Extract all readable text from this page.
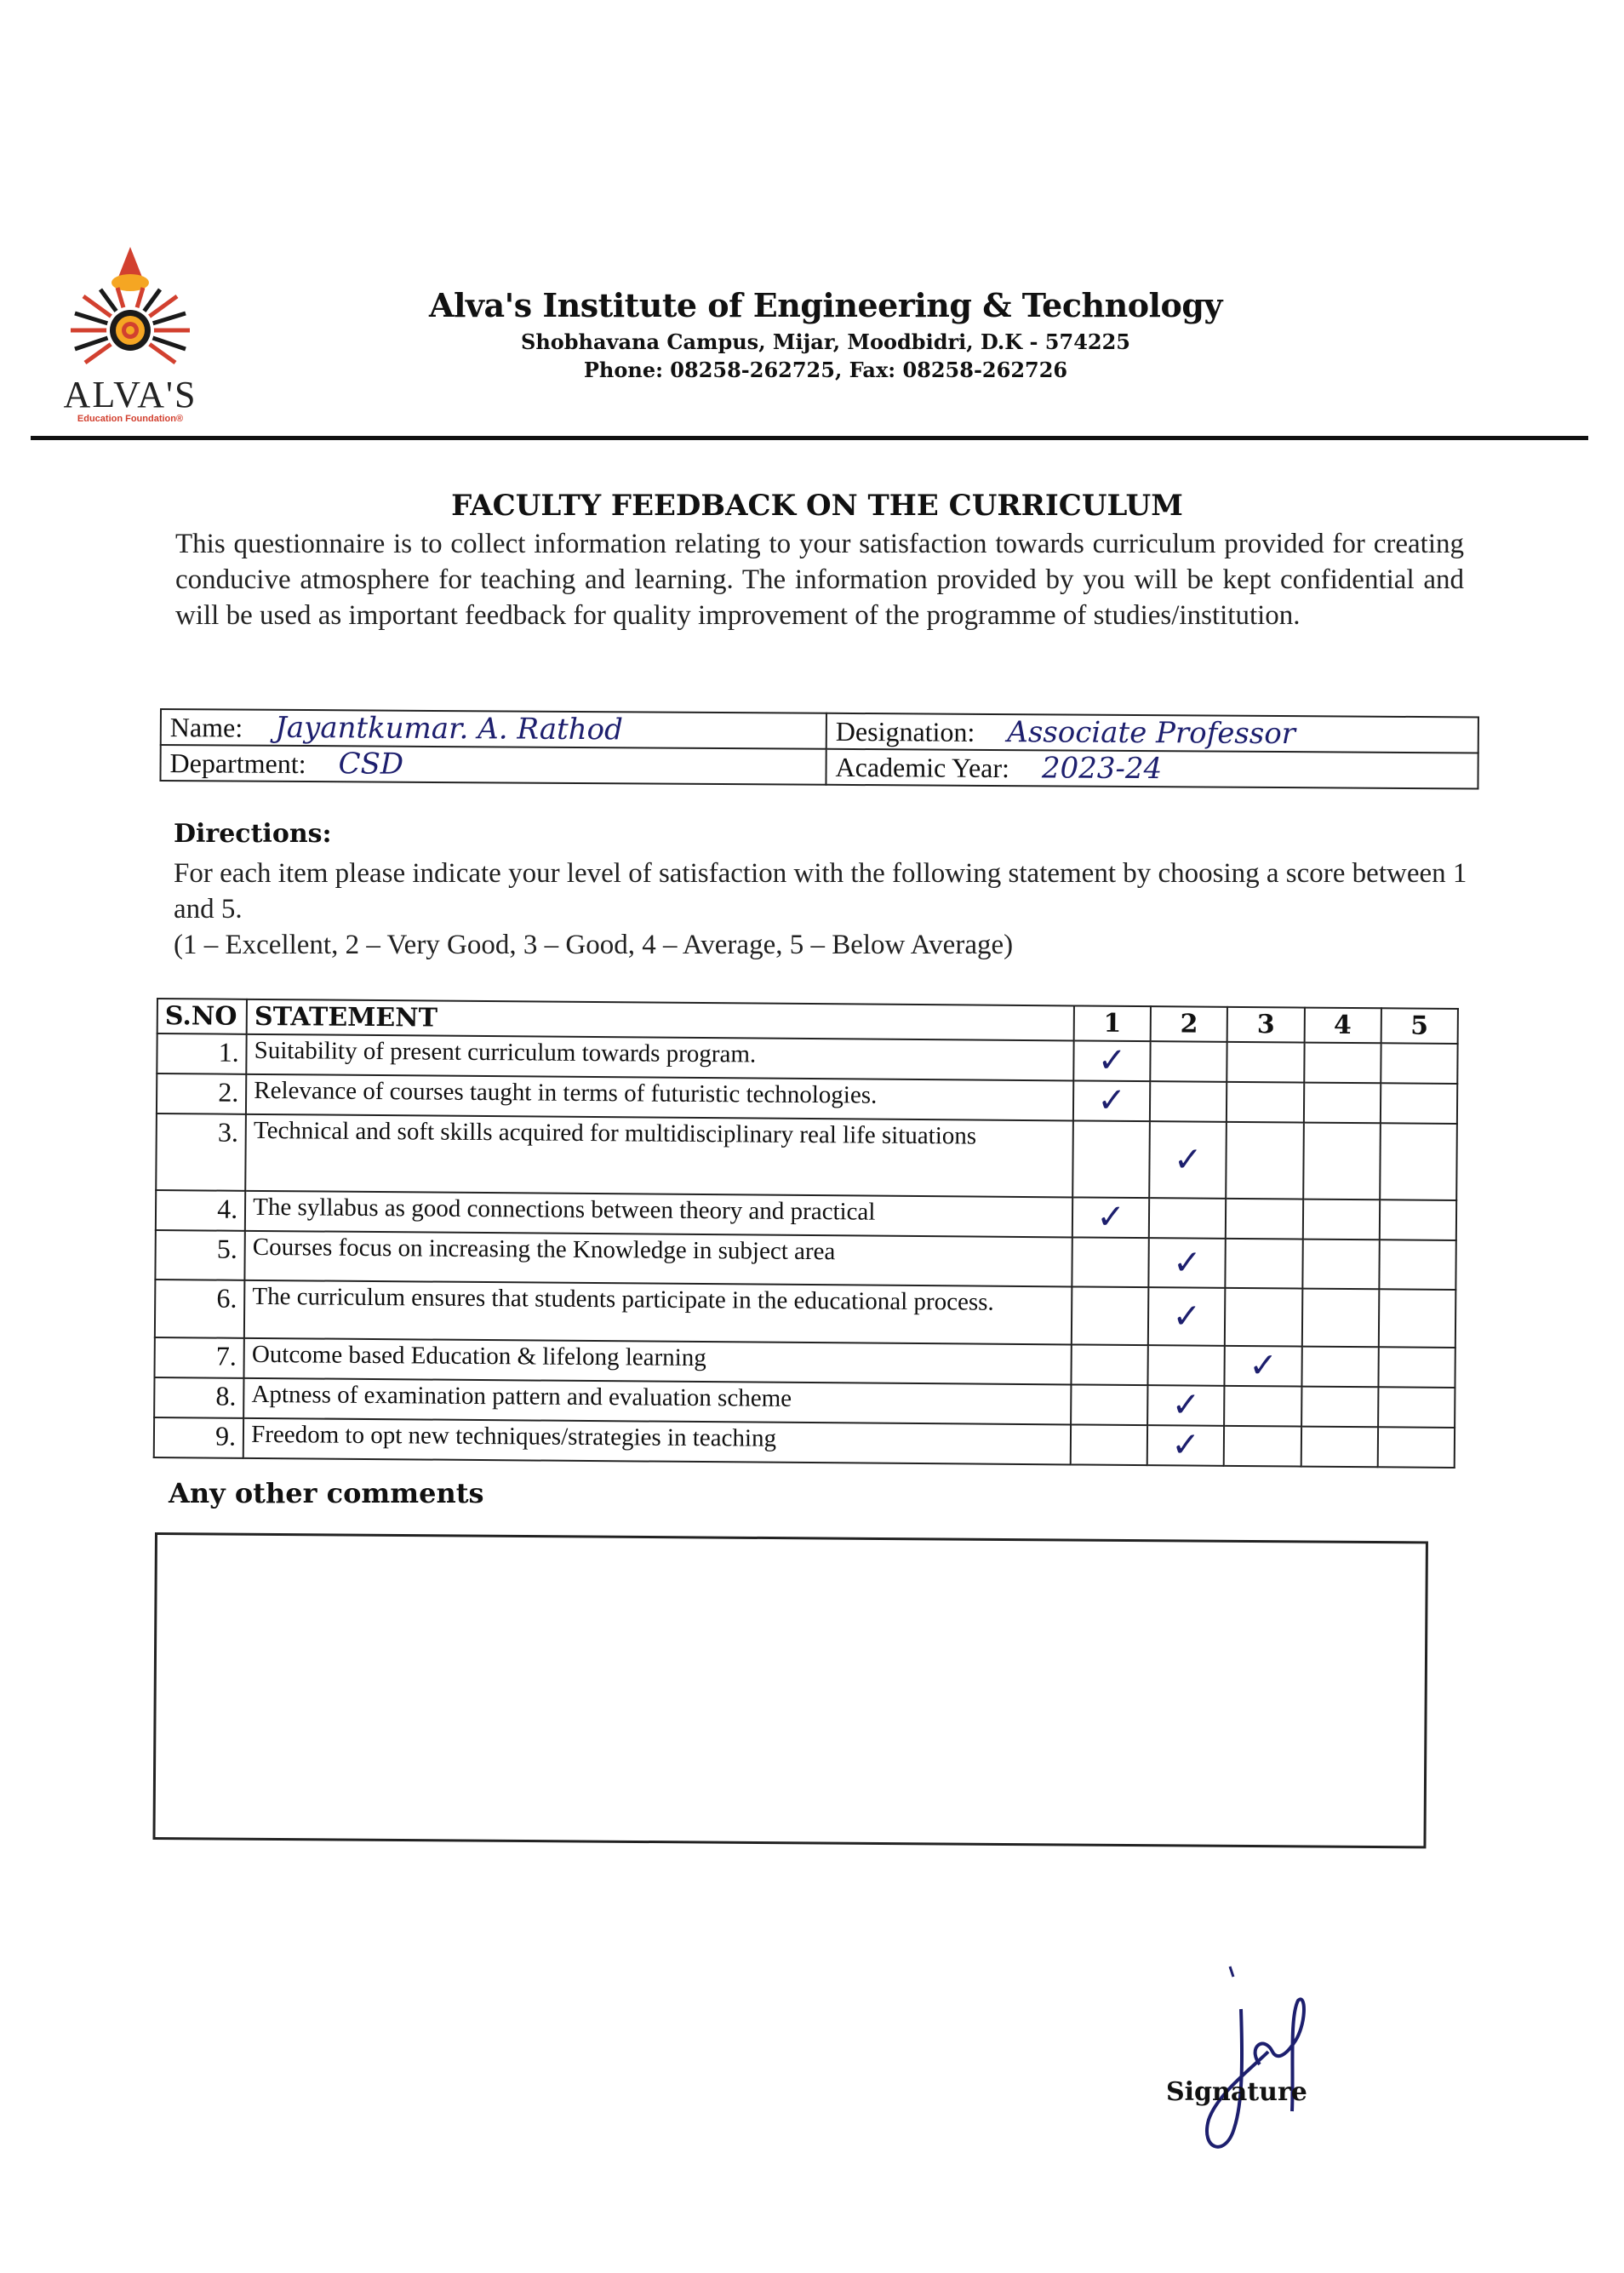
ALVA'S
Education Foundation®
Alva's Institute of Engineering & Technology
Shobhavana Campus, Mijar, Moodbidri, D.K - 574225
Phone: 08258-262725, Fax: 08258-262726
FACULTY FEEDBACK ON THE CURRICULUM
This questionnaire is to collect information relating to your satisfaction towards curriculum provided for creating conducive atmosphere for teaching and learning. The information provided by you will be kept confidential and will be used as important feedback for quality improvement of the programme of studies/institution.
Name: Jayantkumar. A. Rathod	Designation: Associate Professor
Department: CSD	Academic Year: 2023-24
Directions:
For each item please indicate your level of satisfaction with the following statement by choosing a score between 1 and 5.
(1 – Excellent, 2 – Very Good, 3 – Good, 4 – Average, 5 – Below Average)
S.NO	STATEMENT	1	2	3	4	5
1.	Suitability of present curriculum towards program.	✓				
2.	Relevance of courses taught in terms of futuristic technologies.	✓				
3.	Technical and soft skills acquired for multidisciplinary real life situations		✓			
4.	The syllabus as good connections between theory and practical	✓				
5.	Courses focus on increasing the Knowledge in subject area		✓			
6.	The curriculum ensures that students participate in the educational process.		✓			
7.	Outcome based Education & lifelong learning			✓		
8.	Aptness of examination pattern and evaluation scheme		✓			
9.	Freedom to opt new techniques/strategies in teaching		✓			
Any other comments
Signature
